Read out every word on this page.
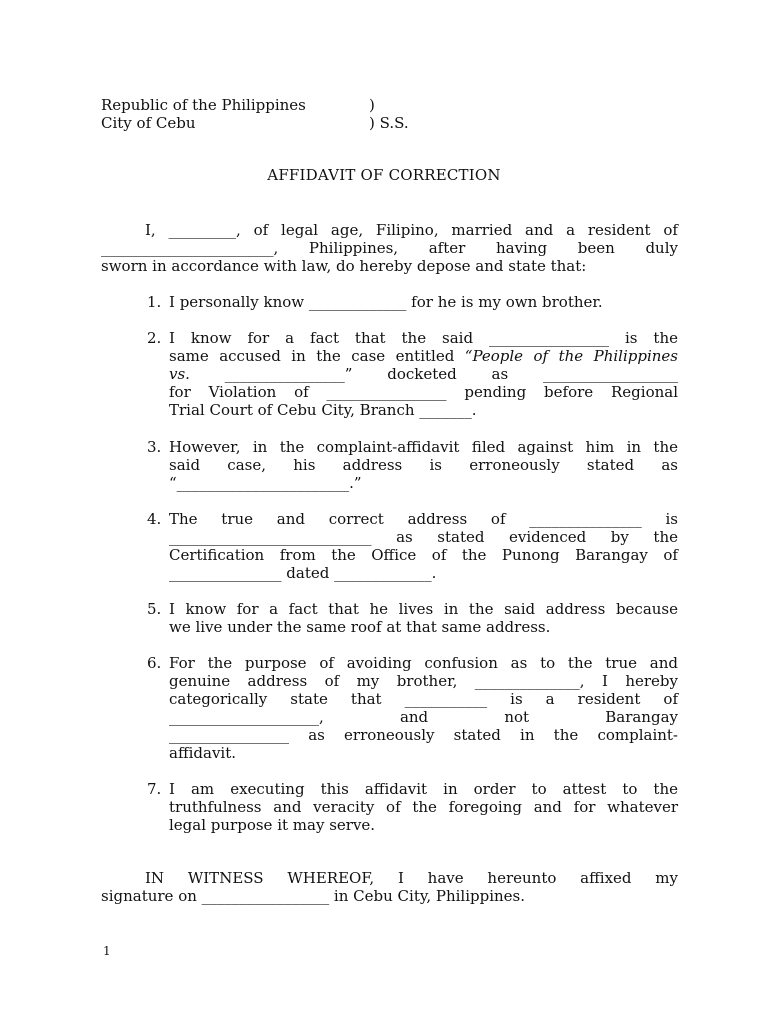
Republic of the Philippines	)
City of Cebu	) S.S.
AFFIDAVIT OF CORRECTION
I, _________, of legal age, Filipino, married and a resident of
_______________________, Philippines, after having been duly
sworn in accordance with law, do hereby depose and state that:
1. I personally know _____________ for he is my own brother.
2. I know for a fact that the said ________________ is the
same accused in the case entitled “People of the Philippines
vs. ________________” docketed as __________________
for Violation of ________________ pending before Regional
Trial Court of Cebu City, Branch _______.
3. However, in the complaint-affidavit filed against him in the
said case, his address is erroneously stated as
“_______________________.”
4. The true and correct address of _______________ is
___________________________ as stated evidenced by the
Certification from the Office of the Punong Barangay of
_______________ dated _____________.
5. I know for a fact that he lives in the said address because
we live under the same roof at that same address.
6. For the purpose of avoiding confusion as to the true and
genuine address of my brother, ______________, I hereby
categorically state that ___________ is a resident of
____________________, and not Barangay
________________ as erroneously stated in the complaint-
affidavit.
7. I am executing this affidavit in order to attest to the
truthfulness and veracity of the foregoing and for whatever
legal purpose it may serve.
IN WITNESS WHEREOF, I have hereunto affixed my
signature on _________________ in Cebu City, Philippines.
1
